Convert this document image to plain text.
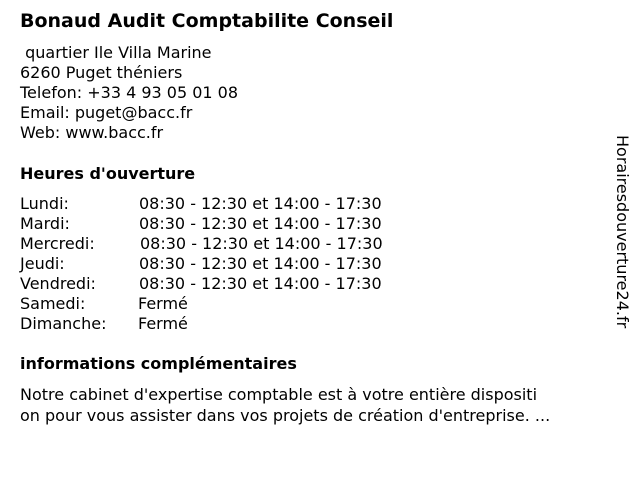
Bonaud Audit Comptabilite Conseil
quartier Ile Villa Marine
6260 Puget théniers
Telefon: +33 4 93 05 01 08
Email: puget@bacc.fr
Web: www.bacc.fr
Heures d'ouverture
Lundi:	08:30 - 12:30 et 14:00 - 17:30
Mardi:	08:30 - 12:30 et 14:00 - 17:30
Mercredi:	08:30 - 12:30 et 14:00 - 17:30
Jeudi:	08:30 - 12:30 et 14:00 - 17:30
Vendredi:	08:30 - 12:30 et 14:00 - 17:30
Samedi:	Fermé
Dimanche: Fermé
informations complémentaires
Notre cabinet d'expertise comptable est à votre entière dispositi
on pour vous assister dans vos projets de création d'entreprise. ...
Horairesdouverture24.fr
